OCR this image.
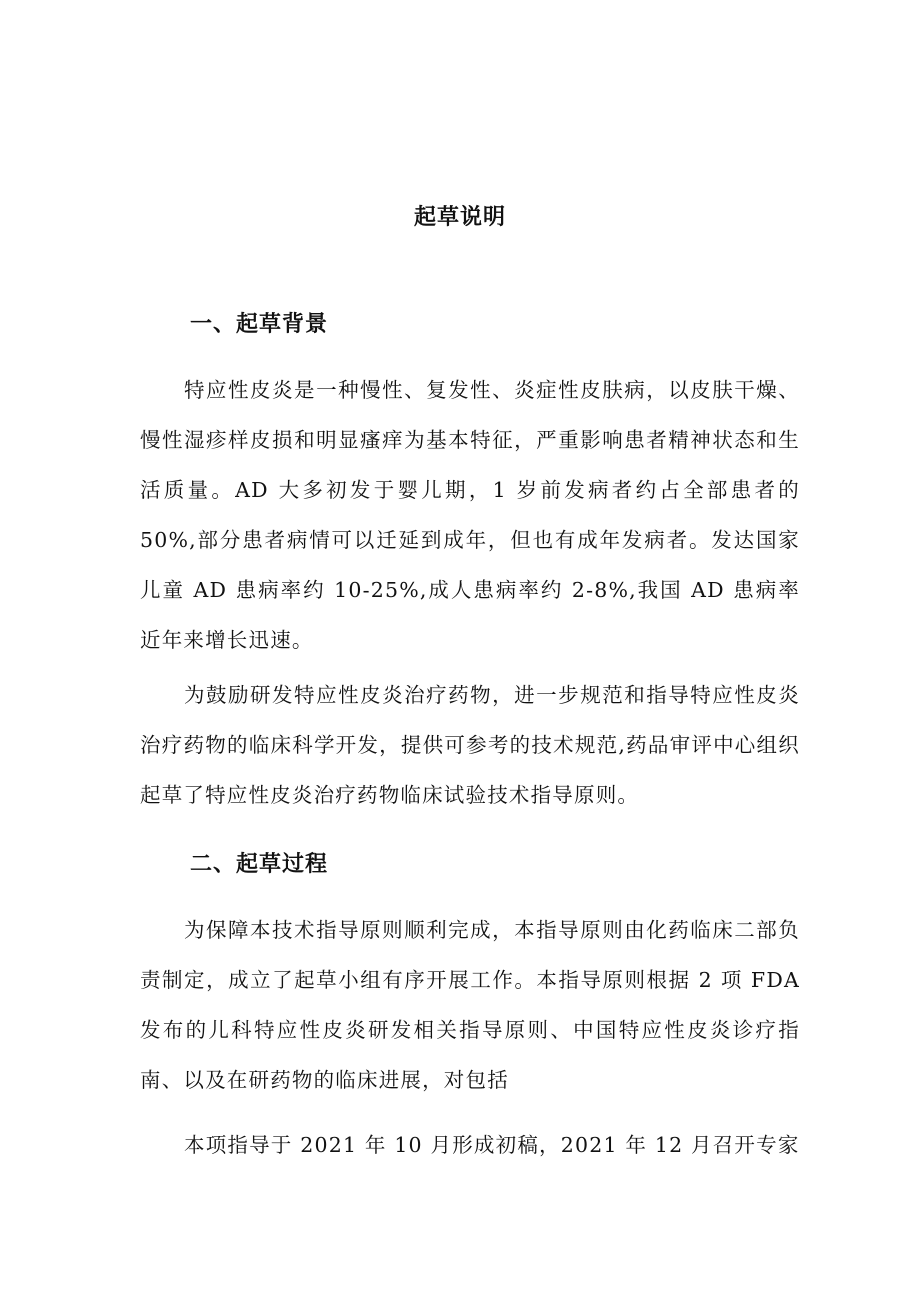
起草说明
一、起草背景
特应性皮炎是一种慢性、复发性、炎症性皮肤病，以皮肤干燥、慢性湿疹样皮损和明显瘙痒为基本特征，严重影响患者精神状态和生活质量。AD 大多初发于婴儿期，1 岁前发病者约占全部患者的 50%,部分患者病情可以迁延到成年，但也有成年发病者。发达国家儿童 AD 患病率约 10-25%,成人患病率约 2-8%,我国 AD 患病率近年来增长迅速。
为鼓励研发特应性皮炎治疗药物，进一步规范和指导特应性皮炎治疗药物的临床科学开发，提供可参考的技术规范,药品审评中心组织起草了特应性皮炎治疗药物临床试验技术指导原则。
二、起草过程
为保障本技术指导原则顺利完成，本指导原则由化药临床二部负责制定，成立了起草小组有序开展工作。本指导原则根据 2 项 FDA 发布的儿科特应性皮炎研发相关指导原则、中国特应性皮炎诊疗指南、以及在研药物的临床进展，对包括
本项指导于 2021 年 10 月形成初稿，2021 年 12 月召开专家
